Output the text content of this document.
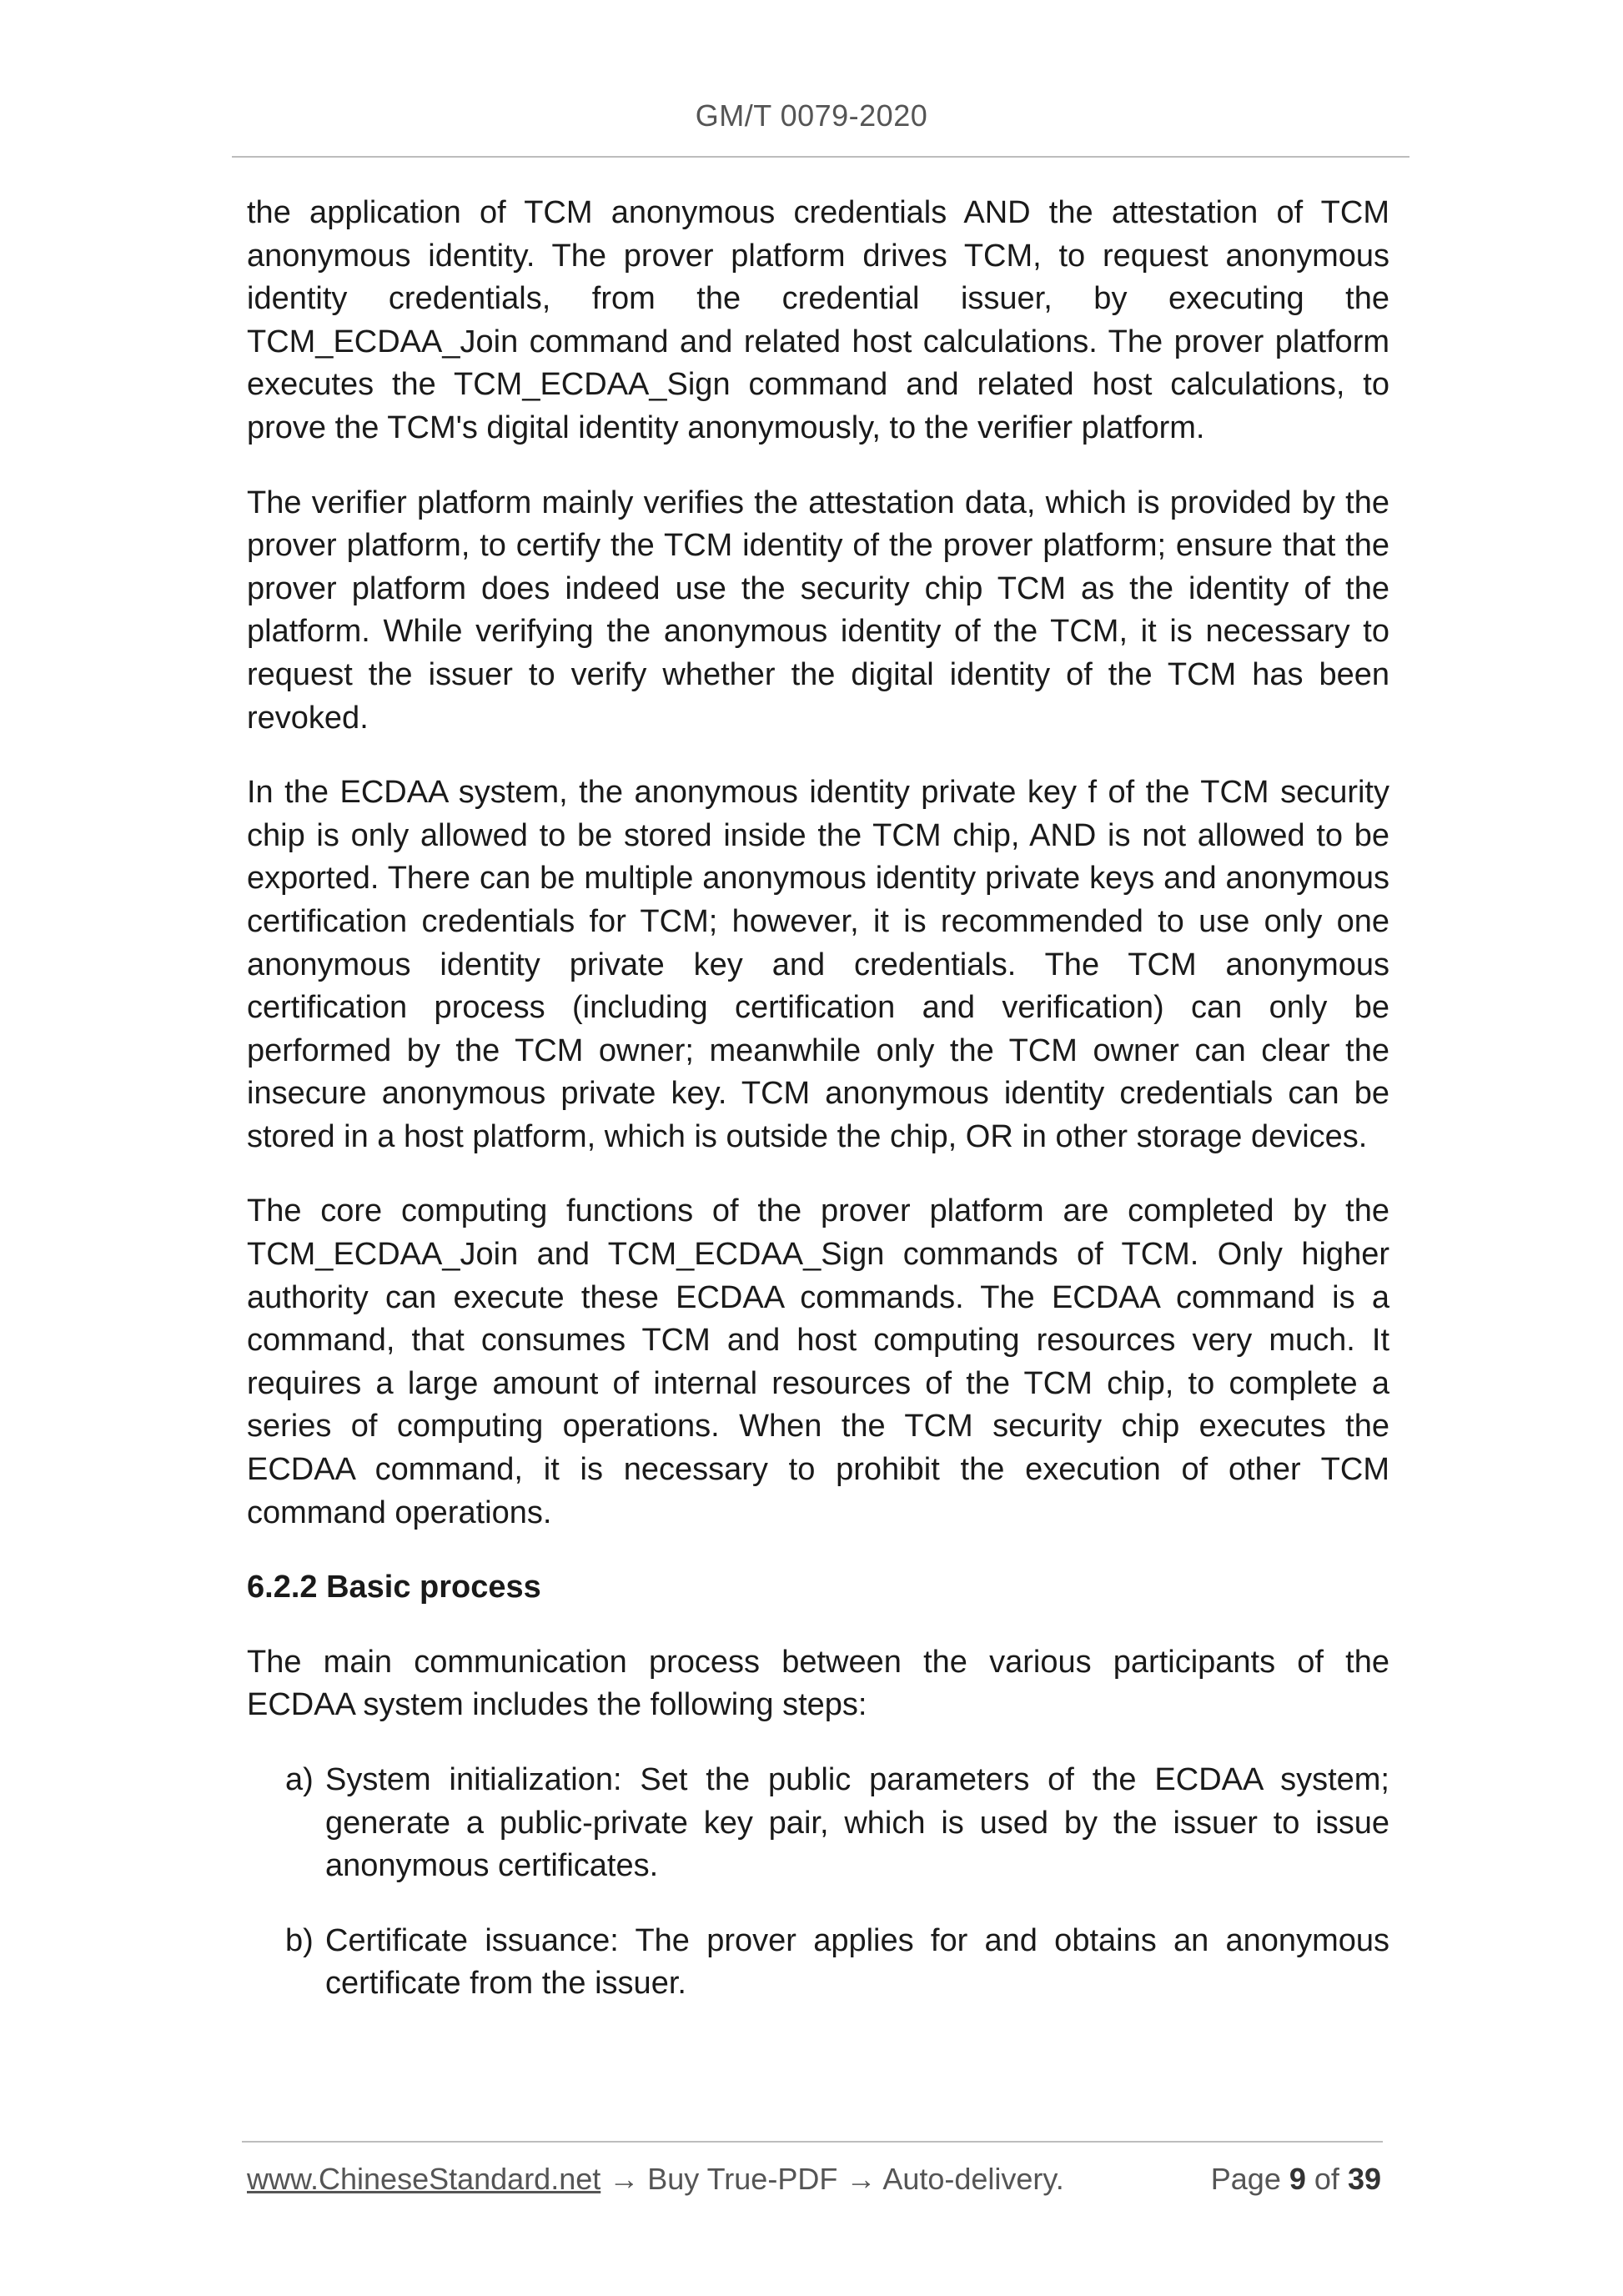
GM/T 0079-2020

the application of TCM anonymous credentials AND the attestation of TCM anonymous identity. The prover platform drives TCM, to request anonymous identity credentials, from the credential issuer, by executing the TCM_ECDAA_Join command and related host calculations. The prover platform executes the TCM_ECDAA_Sign command and related host calculations, to prove the TCM's digital identity anonymously, to the verifier platform.

The verifier platform mainly verifies the attestation data, which is provided by the prover platform, to certify the TCM identity of the prover platform; ensure that the prover platform does indeed use the security chip TCM as the identity of the platform. While verifying the anonymous identity of the TCM, it is necessary to request the issuer to verify whether the digital identity of the TCM has been revoked.

In the ECDAA system, the anonymous identity private key f of the TCM security chip is only allowed to be stored inside the TCM chip, AND is not allowed to be exported. There can be multiple anonymous identity private keys and anonymous certification credentials for TCM; however, it is recommended to use only one anonymous identity private key and credentials. The TCM anonymous certification process (including certification and verification) can only be performed by the TCM owner; meanwhile only the TCM owner can clear the insecure anonymous private key. TCM anonymous identity credentials can be stored in a host platform, which is outside the chip, OR in other storage devices.

The core computing functions of the prover platform are completed by the TCM_ECDAA_Join and TCM_ECDAA_Sign commands of TCM. Only higher authority can execute these ECDAA commands. The ECDAA command is a command, that consumes TCM and host computing resources very much. It requires a large amount of internal resources of the TCM chip, to complete a series of computing operations. When the TCM security chip executes the ECDAA command, it is necessary to prohibit the execution of other TCM command operations.

6.2.2 Basic process

The main communication process between the various participants of the ECDAA system includes the following steps:

a) System initialization: Set the public parameters of the ECDAA system; generate a public-private key pair, which is used by the issuer to issue anonymous certificates.
b) Certificate issuance: The prover applies for and obtains an anonymous certificate from the issuer.
www.ChineseStandard.net → Buy True-PDF → Auto-delivery.	Page 9 of 39
